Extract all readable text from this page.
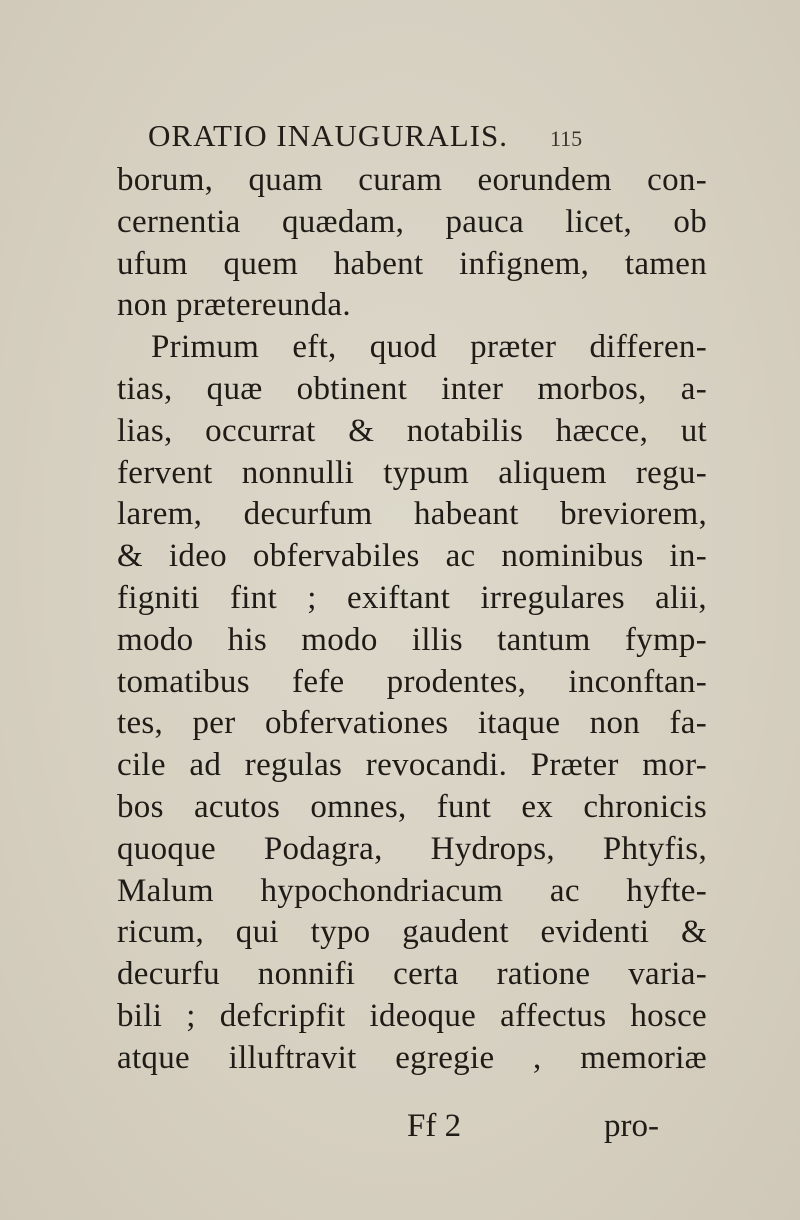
ORATIO INAUGURALIS. 115
borum, quam curam eorundem con-
cernentia quædam, pauca licet, ob
ufum quem habent infignem, tamen
non prætereunda.
Primum eft, quod præter differen-
tias, quæ obtinent inter morbos, a-
lias, occurrat & notabilis hæcce, ut
fervent nonnulli typum aliquem regu-
larem, decurfum habeant breviorem,
& ideo obfervabiles ac nominibus in-
figniti fint ; exiftant irregulares alii,
modo his modo illis tantum fymp-
tomatibus fefe prodentes, inconftan-
tes, per obfervationes itaque non fa-
cile ad regulas revocandi. Præter mor-
bos acutos omnes, funt ex chronicis
quoque Podagra, Hydrops, Phtyfis,
Malum hypochondriacum ac hyfte-
ricum, qui typo gaudent evidenti &
decurfu nonnifi certa ratione varia-
bili ; defcripfit ideoque affectus hosce
atque illuftravit egregie , memoriæ
Ff 2	pro-
